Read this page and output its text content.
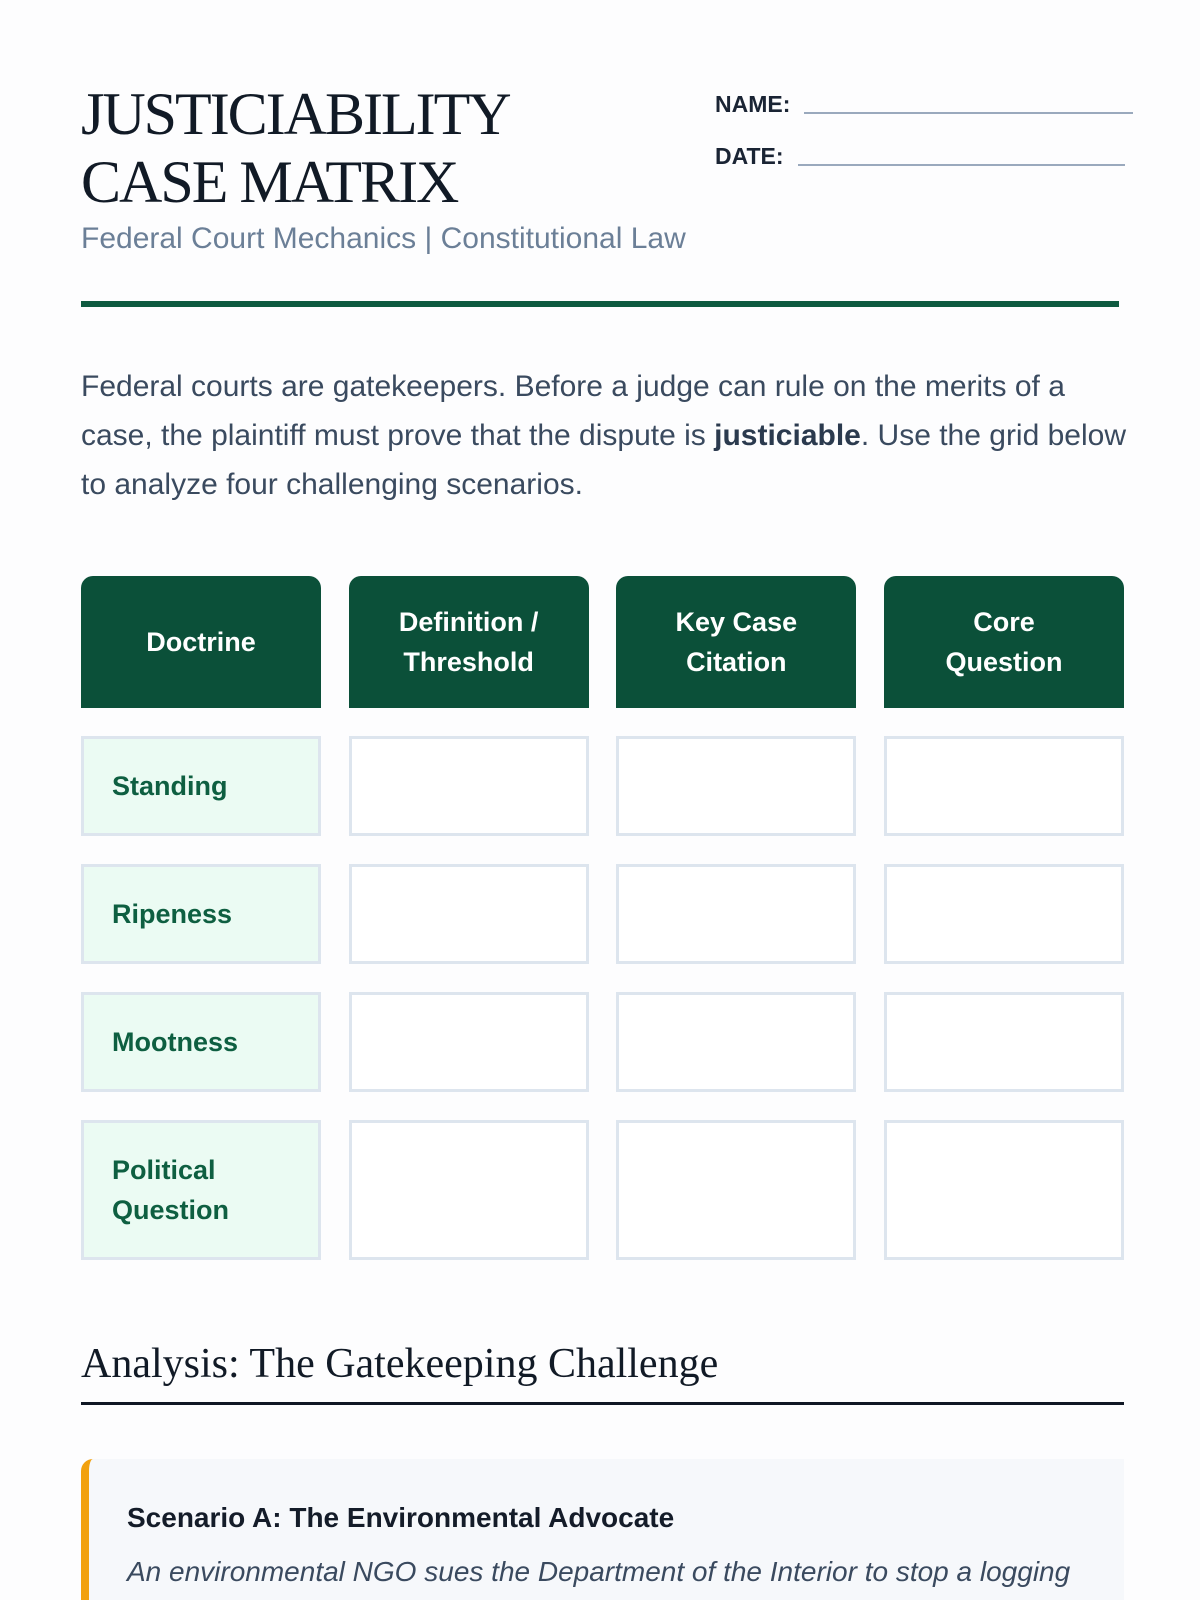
JUSTICIABILITY CASE MATRIX
Federal Court Mechanics | Constitutional Law
NAME:
DATE:

Federal courts are gatekeepers. Before a judge can rule on the merits of a case, the plaintiff must prove that the dispute is justiciable. Use the grid below to analyze four challenging scenarios.

Doctrine
Definition / Threshold
Key Case Citation
Core Question
Standing
Ripeness
Mootness
Political Question
Analysis: The Gatekeeping Challenge

Scenario A: The Environmental Advocate

An environmental NGO sues the Department of the Interior to stop a logging
